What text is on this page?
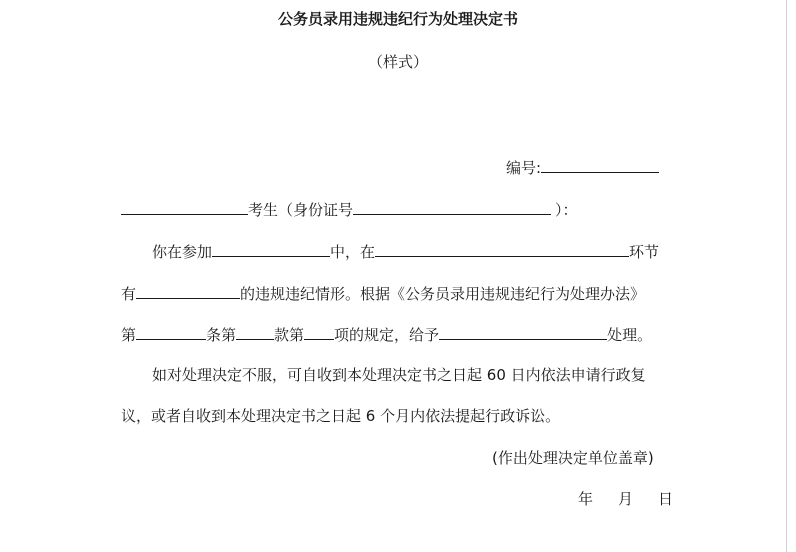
公务员录用违规违纪行为处理决定书
（样式）
编号:
考生（身份证号	）：
你在参加	中，在	环节
有	的违规违纪情形。根据《公务员录用违规违纪行为处理办法》
第	条第	款第 项的规定，给予	处理。
如对处理决定不服，可自收到本处理决定书之日起 60 日内依法申请行政复
议，或者自收到本处理决定书之日起 6 个月内依法提起行政诉讼。
(作出处理决定单位盖章)
年 月 日
